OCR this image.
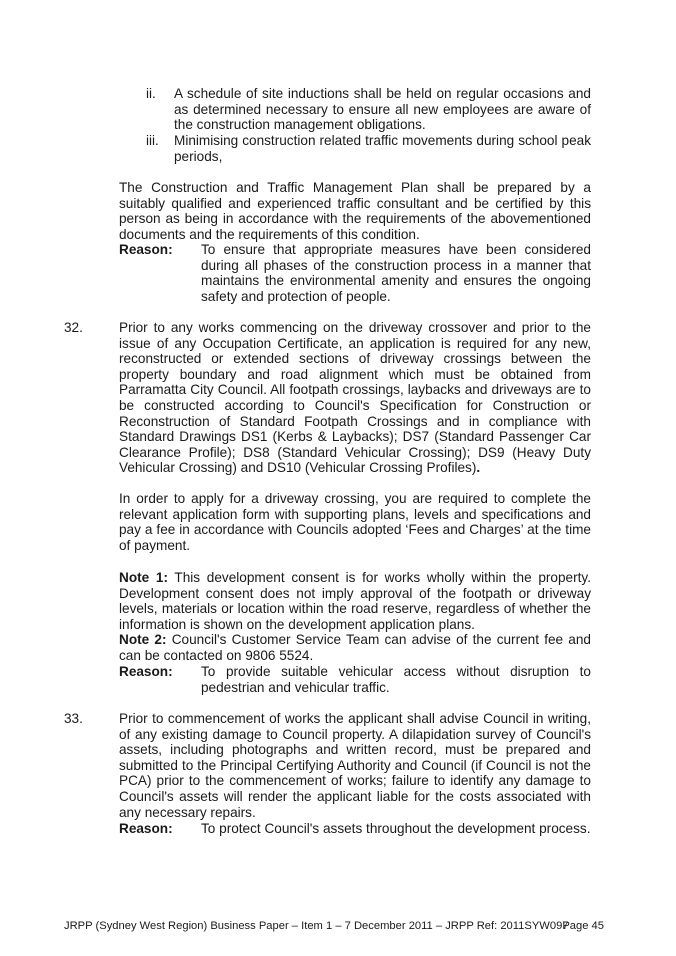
ii. A schedule of site inductions shall be held on regular occasions and as determined necessary to ensure all new employees are aware of the construction management obligations.
iii. Minimising construction related traffic movements during school peak periods,
The Construction and Traffic Management Plan shall be prepared by a suitably qualified and experienced traffic consultant and be certified by this person as being in accordance with the requirements of the abovementioned documents and the requirements of this condition.
Reason: To ensure that appropriate measures have been considered during all phases of the construction process in a manner that maintains the environmental amenity and ensures the ongoing safety and protection of people.
32.	Prior to any works commencing on the driveway crossover and prior to the issue of any Occupation Certificate, an application is required for any new, reconstructed or extended sections of driveway crossings between the property boundary and road alignment which must be obtained from Parramatta City Council. All footpath crossings, laybacks and driveways are to be constructed according to Council's Specification for Construction or Reconstruction of Standard Footpath Crossings and in compliance with Standard Drawings DS1 (Kerbs & Laybacks); DS7 (Standard Passenger Car Clearance Profile); DS8 (Standard Vehicular Crossing); DS9 (Heavy Duty Vehicular Crossing) and DS10 (Vehicular Crossing Profiles).
In order to apply for a driveway crossing, you are required to complete the relevant application form with supporting plans, levels and specifications and pay a fee in accordance with Councils adopted ‘Fees and Charges’ at the time of payment.
Note 1: This development consent is for works wholly within the property. Development consent does not imply approval of the footpath or driveway levels, materials or location within the road reserve, regardless of whether the information is shown on the development application plans.
Note 2: Council's Customer Service Team can advise of the current fee and can be contacted on 9806 5524.
Reason: To provide suitable vehicular access without disruption to pedestrian and vehicular traffic.
33.	Prior to commencement of works the applicant shall advise Council in writing, of any existing damage to Council property. A dilapidation survey of Council's assets, including photographs and written record, must be prepared and submitted to the Principal Certifying Authority and Council (if Council is not the PCA) prior to the commencement of works; failure to identify any damage to Council's assets will render the applicant liable for the costs associated with any necessary repairs.
Reason: To protect Council's assets throughout the development process.
JRPP (Sydney West Region) Business Paper – Item 1 – 7 December 2011 – JRPP Ref: 2011SYW097
Page 45
